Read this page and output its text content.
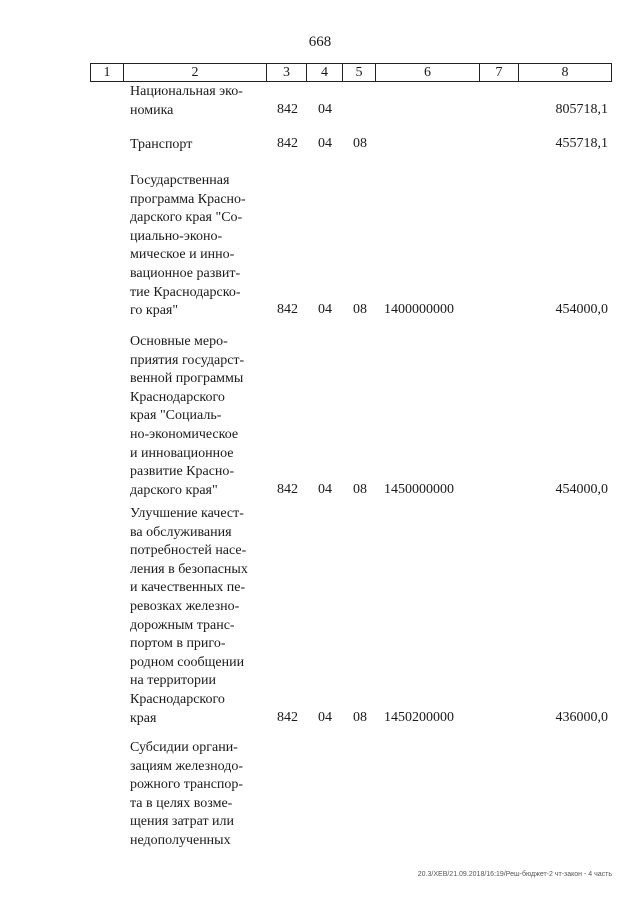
668
1	2	3	4	5	6	7	8
Национальная эко-
номика	842 04	805718,1
Транспорт	842 04 08	455718,1
Государственная
программа Красно-
дарского края "Со-
циально-эконо-
мическое и инно-
вационное развит-
тие Краснодарско-
го края"	842 04 08 1400000000	454000,0
Основные меро-
приятия государст-
венной программы
Краснодарского
края "Социаль-
но-экономическое
и инновационное
развитие Красно-
дарского края"	842 04 08 1450000000	454000,0
Улучшение качест-
ва обслуживания
потребностей насе-
ления в безопасных
и качественных пе-
ревозках железно-
дорожным транс-
портом в приго-
родном сообщении
на территории
Краснодарского
края	842 04 08 1450200000	436000,0
Субсидии органи-
зациям железнодо-
рожного транспор-
та в целях возме-
щения затрат или
недополученных
20.3/ХЕВ/21.09.2018/16:19/Реш-бюджет-2 чт-закон - 4 часть
